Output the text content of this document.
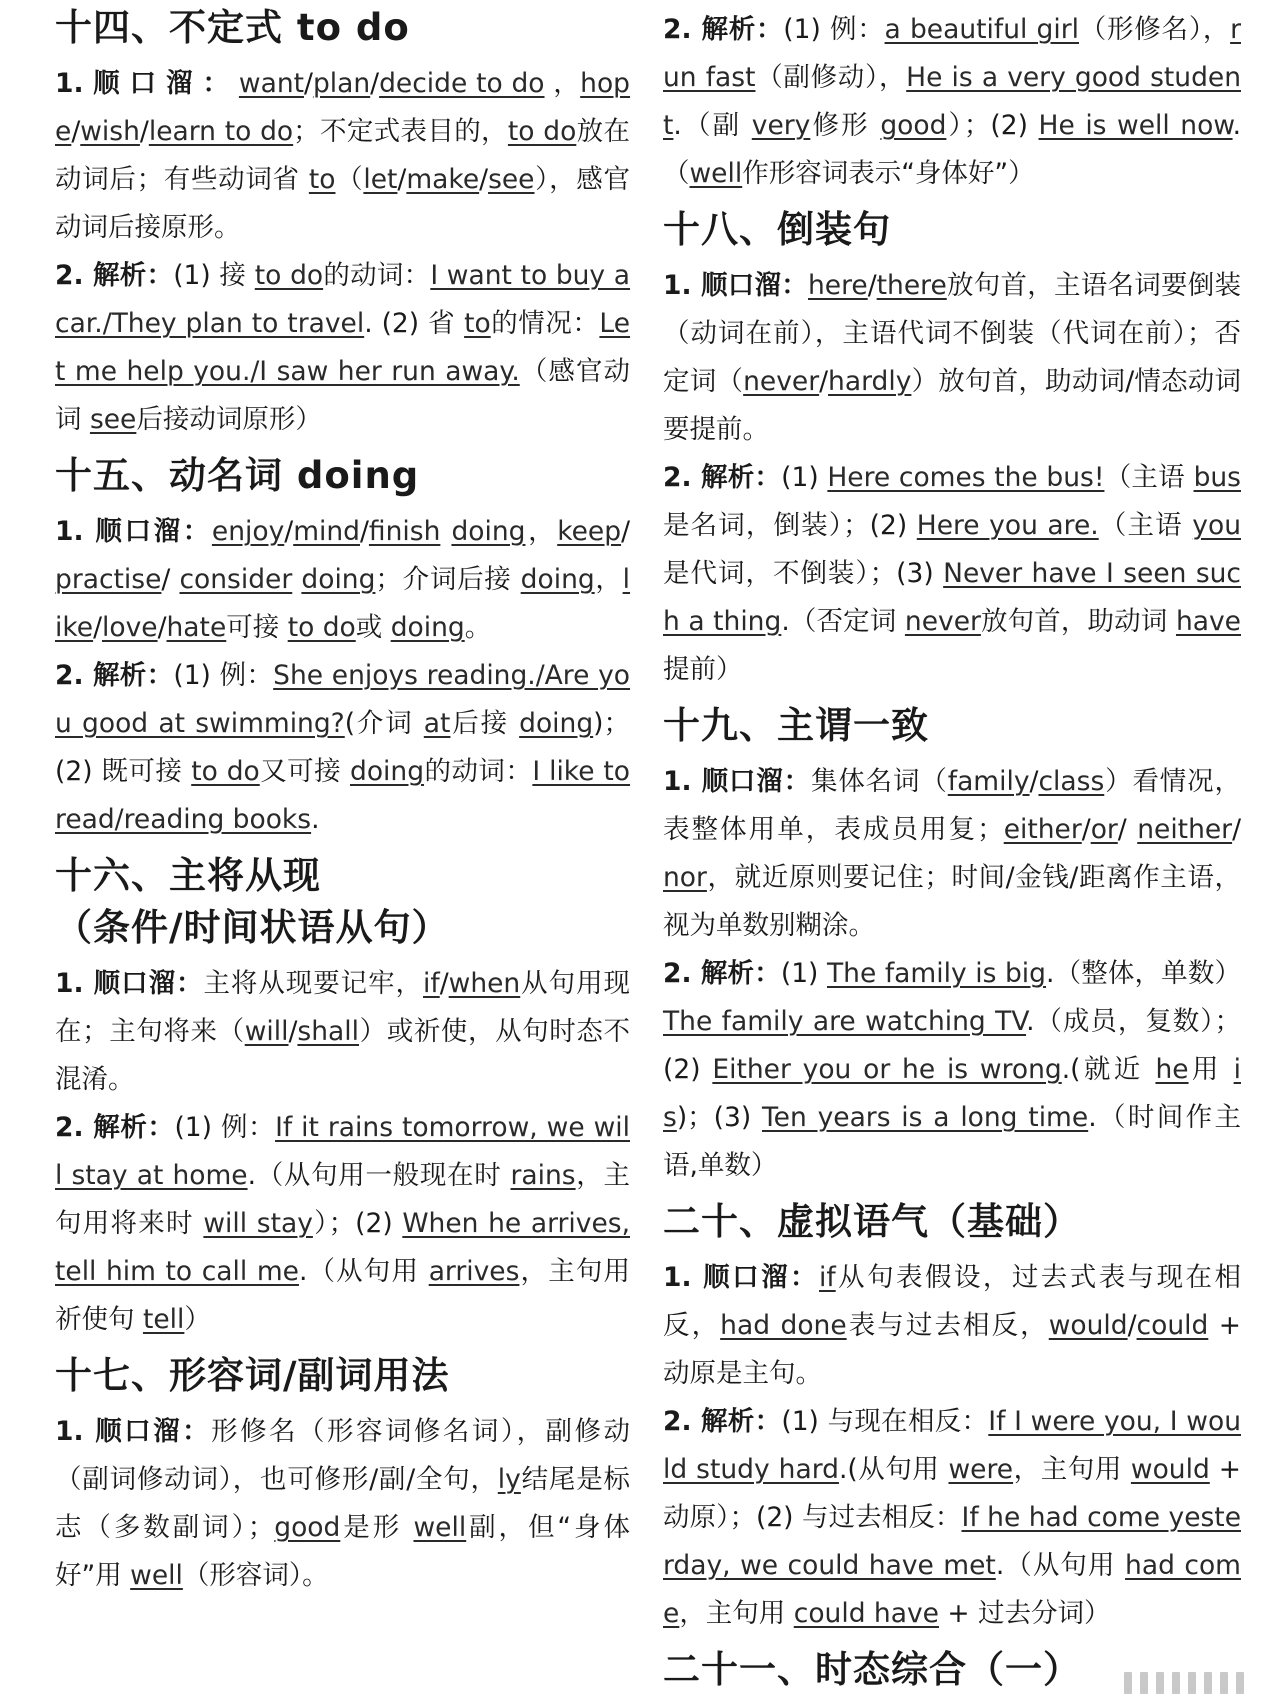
十四、不定式 to do

1. 顺 口 溜 ： want/plan/decide to do ，hope/wish/learn to do；不定式表目的，to do放在动词后；有些动词省 to（let/make/see），感官动词后接原形。

2. 解析：(1) 接 to do的动词：I want to buy a car./They plan to travel. (2) 省 to的情况：Let me help you./I saw her run away.（感官动词 see后接动词原形）

十五、动名词 doing

1. 顺口溜：enjoy/mind/finish doing，keep/ practise/ consider doing；介词后接 doing，like/love/hate可接 to do或 doing。

2. 解析：(1) 例：She enjoys reading./Are you good at swimming?(介词 at后接 doing)；(2) 既可接 to do又可接 doing的动词：I like to read/reading books.

十六、主将从现
（条件/时间状语从句）

1. 顺口溜：主将从现要记牢，if/when从句用现在；主句将来（will/shall）或祈使，从句时态不混淆。

2. 解析：(1) 例：If it rains tomorrow, we will stay at home.（从句用一般现在时 rains，主句用将来时 will stay）；(2) When he arrives, tell him to call me.（从句用 arrives，主句用祈使句 tell）

十七、形容词/副词用法

1. 顺口溜：形修名（形容词修名词），副修动（副词修动词），也可修形/副/全句，ly结尾是标志（多数副词）；good是形 well副，但“身体好”用 well（形容词）。

2. 解析：(1) 例：a beautiful girl（形修名），run fast（副修动），He is a very good student.（副 very修形 good）；(2) He is well now.（well作形容词表示“身体好”）

十八、倒装句

1. 顺口溜：here/there放句首，主语名词要倒装（动词在前），主语代词不倒装（代词在前）；否定词（never/hardly）放句首，助动词/情态动词要提前。

2. 解析：(1) Here comes the bus!（主语 bus是名词，倒装）；(2) Here you are.（主语 you是代词，不倒装）；(3) Never have I seen such a thing.（否定词 never放句首，助动词 have提前）

十九、主谓一致

1. 顺口溜：集体名词（family/class）看情况，表整体用单，表成员用复；either/or/ neither/ nor，就近原则要记住；时间/金钱/距离作主语，视为单数别糊涂。

2. 解析：(1) The family is big.（整体，单数）The family are watching TV.（成员，复数）；(2) Either you or he is wrong.(就近 he用 is)；(3) Ten years is a long time.（时间作主语,单数）

二十、虚拟语气（基础）

1. 顺口溜：if从句表假设，过去式表与现在相反，had done表与过去相反，would/could + 动原是主句。

2. 解析：(1) 与现在相反：If I were you, I would study hard.(从句用 were，主句用 would + 动原）；(2) 与过去相反：If he had come yesterday, we could have met.（从句用 had come，主句用 could have + 过去分词）

二十一、时态综合（一）
